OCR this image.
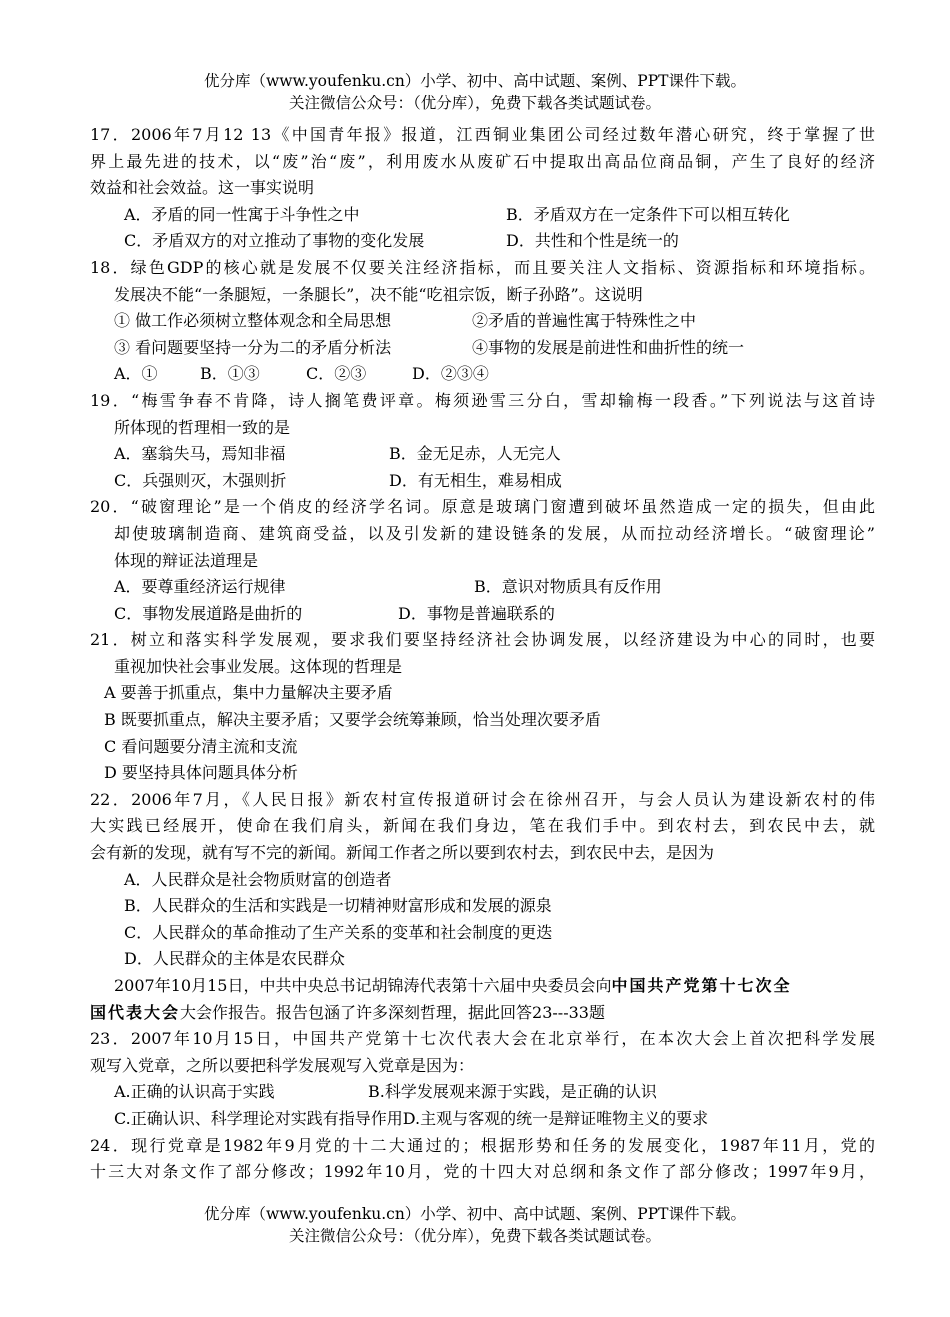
优分库（www.youfenku.cn）小学、初中、高中试题、案例、PPT课件下载。
关注微信公众号：（优分库），免费下载各类试题试卷。

17．2006年7月12 13《中国青年报》报道，江西铜业集团公司经过数年潜心研究，终于掌握了世

界上最先进的技术，以“废”治“废”，利用废水从废矿石中提取出高品位商品铜，产生了良好的经济

效益和社会效益。这一事实说明

A．矛盾的同一性寓于斗争性之中	B．矛盾双方在一定条件下可以相互转化

C．矛盾双方的对立推动了事物的变化发展	D．共性和个性是统一的

18．绿色GDP的核心就是发展不仅要关注经济指标，而且要关注人文指标、资源指标和环境指标。

发展决不能“一条腿短，一条腿长”，决不能“吃祖宗饭，断子孙路”。这说明

① 做工作必须树立整体观念和全局思想	②矛盾的普遍性寓于特殊性之中

③ 看问题要坚持一分为二的矛盾分析法	④事物的发展是前进性和曲折性的统一

A．①	B．①③	C．②③	D．②③④

19．“梅雪争春不肯降，诗人搁笔费评章。梅须逊雪三分白，雪却输梅一段香。”下列说法与这首诗

所体现的哲理相一致的是

A．塞翁失马，焉知非福	B．金无足赤，人无完人

C．兵强则灭，木强则折	D．有无相生，难易相成

20．“破窗理论”是一个俏皮的经济学名词。原意是玻璃门窗遭到破坏虽然造成一定的损失，但由此

却使玻璃制造商、建筑商受益，以及引发新的建设链条的发展，从而拉动经济增长。“破窗理论”

体现的辩证法道理是

A．要尊重经济运行规律	B．意识对物质具有反作用

C．事物发展道路是曲折的	D．事物是普遍联系的

21．树立和落实科学发展观，要求我们要坚持经济社会协调发展，以经济建设为中心的同时，也要

重视加快社会事业发展。这体现的哲理是

A 要善于抓重点，集中力量解决主要矛盾

B 既要抓重点，解决主要矛盾；又要学会统筹兼顾，恰当处理次要矛盾

C 看问题要分清主流和支流

D 要坚持具体问题具体分析

22．2006年7月，《人民日报》新农村宣传报道研讨会在徐州召开，与会人员认为建设新农村的伟

大实践已经展开，使命在我们肩头，新闻在我们身边，笔在我们手中。到农村去，到农民中去，就

会有新的发现，就有写不完的新闻。新闻工作者之所以要到农村去，到农民中去，是因为

A．人民群众是社会物质财富的创造者

B．人民群众的生活和实践是一切精神财富形成和发展的源泉

C．人民群众的革命推动了生产关系的变革和社会制度的更迭

D．人民群众的主体是农民群众

2007年10月15日，中共中央总书记胡锦涛代表第十六届中央委员会向中国共产党第十七次全

国代表大会大会作报告。报告包涵了许多深刻哲理，据此回答23---33题

23．2007年10月15日，中国共产党第十七次代表大会在北京举行，在本次大会上首次把科学发展

观写入党章，之所以要把科学发展观写入党章是因为：

A.正确的认识高于实践	B.科学发展观来源于实践，是正确的认识

C.正确认识、科学理论对实践有指导作用 D.主观与客观的统一是辩证唯物主义的要求

24．现行党章是1982年9月党的十二大通过的；根据形势和任务的发展变化，1987年11月，党的

十三大对条文作了部分修改；1992年10月，党的十四大对总纲和条文作了部分修改；1997年9月，

优分库（www.youfenku.cn）小学、初中、高中试题、案例、PPT课件下载。
关注微信公众号：（优分库），免费下载各类试题试卷。
